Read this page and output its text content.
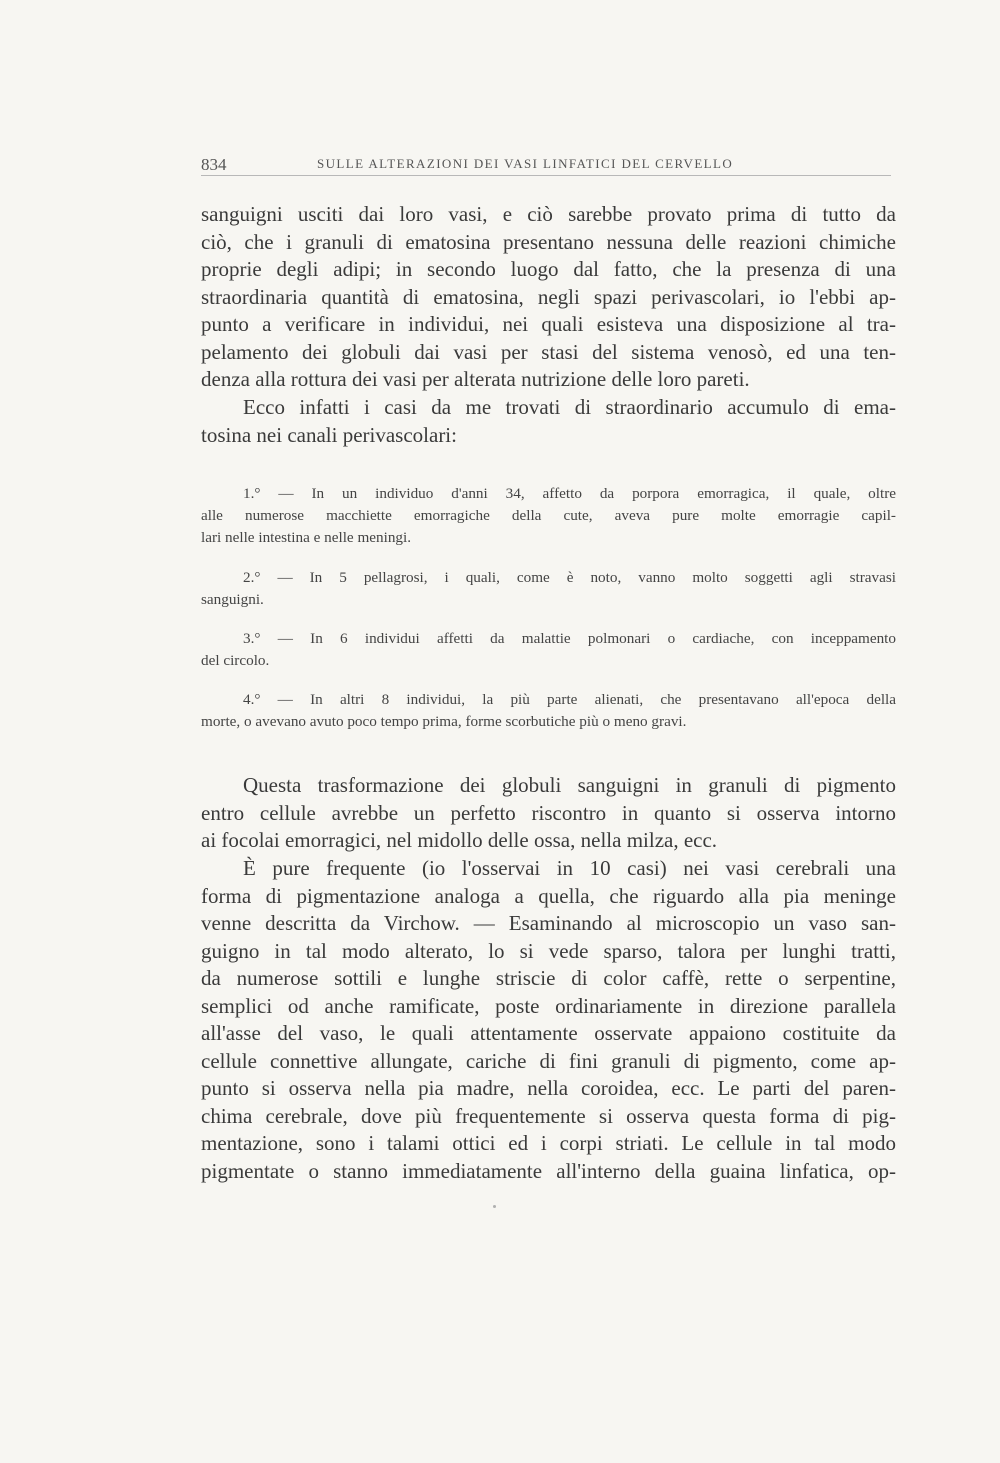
834	SULLE ALTERAZIONI DEI VASI LINFATICI DEL CERVELLO
sanguigni usciti dai loro vasi, e ciò sarebbe provato prima di tutto da
ciò, che i granuli di ematosina presentano nessuna delle reazioni chimiche
proprie degli adipi; in secondo luogo dal fatto, che la presenza di una
straordinaria quantità di ematosina, negli spazi perivascolari, io l'ebbi ap-
punto a verificare in individui, nei quali esisteva una disposizione al tra-
pelamento dei globuli dai vasi per stasi del sistema venosò, ed una ten-
denza alla rottura dei vasi per alterata nutrizione delle loro pareti.
Ecco infatti i casi da me trovati di straordinario accumulo di ema-
tosina nei canali perivascolari:
1.° — In un individuo d'anni 34, affetto da porpora emorragica, il quale, oltre
alle numerose macchiette emorragiche della cute, aveva pure molte emorragie capil-
lari nelle intestina e nelle meningi.
2.° — In 5 pellagrosi, i quali, come è noto, vanno molto soggetti agli stravasi
sanguigni.
3.° — In 6 individui affetti da malattie polmonari o cardiache, con inceppamento
del circolo.
4.° — In altri 8 individui, la più parte alienati, che presentavano all'epoca della
morte, o avevano avuto poco tempo prima, forme scorbutiche più o meno gravi.
Questa trasformazione dei globuli sanguigni in granuli di pigmento
entro cellule avrebbe un perfetto riscontro in quanto si osserva intorno
ai focolai emorragici, nel midollo delle ossa, nella milza, ecc.
È pure frequente (io l'osservai in 10 casi) nei vasi cerebrali una
forma di pigmentazione analoga a quella, che riguardo alla pia meninge
venne descritta da Virchow. — Esaminando al microscopio un vaso san-
guigno in tal modo alterato, lo si vede sparso, talora per lunghi tratti,
da numerose sottili e lunghe striscie di color caffè, rette o serpentine,
semplici od anche ramificate, poste ordinariamente in direzione parallela
all'asse del vaso, le quali attentamente osservate appaiono costituite da
cellule connettive allungate, cariche di fini granuli di pigmento, come ap-
punto si osserva nella pia madre, nella coroidea, ecc. Le parti del paren-
chima cerebrale, dove più frequentemente si osserva questa forma di pig-
mentazione, sono i talami ottici ed i corpi striati. Le cellule in tal modo
pigmentate o stanno immediatamente all'interno della guaina linfatica, op-
